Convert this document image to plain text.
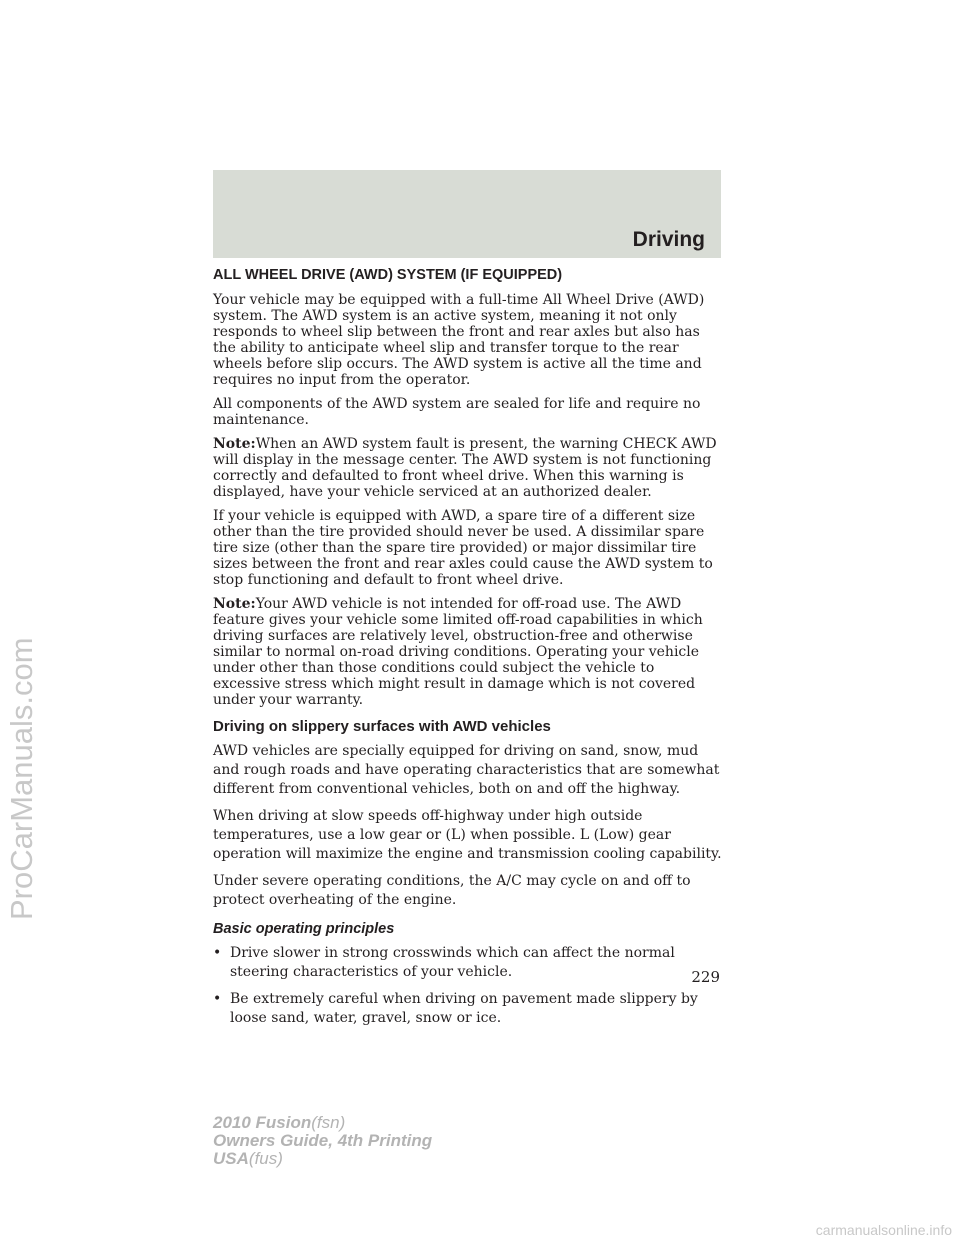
Driving
ALL WHEEL DRIVE (AWD) SYSTEM (IF EQUIPPED)

Your vehicle may be equipped with a full-time All Wheel Drive (AWD) system. The AWD system is an active system, meaning it not only responds to wheel slip between the front and rear axles but also has the ability to anticipate wheel slip and transfer torque to the rear wheels before slip occurs. The AWD system is active all the time and requires no input from the operator.

All components of the AWD system are sealed for life and require no maintenance.

Note:When an AWD system fault is present, the warning CHECK AWD will display in the message center. The AWD system is not functioning correctly and defaulted to front wheel drive. When this warning is displayed, have your vehicle serviced at an authorized dealer.

If your vehicle is equipped with AWD, a spare tire of a different size other than the tire provided should never be used. A dissimilar spare tire size (other than the spare tire provided) or major dissimilar tire sizes between the front and rear axles could cause the AWD system to stop functioning and default to front wheel drive.

Note:Your AWD vehicle is not intended for off-road use. The AWD feature gives your vehicle some limited off-road capabilities in which driving surfaces are relatively level, obstruction-free and otherwise similar to normal on-road driving conditions. Operating your vehicle under other than those conditions could subject the vehicle to excessive stress which might result in damage which is not covered under your warranty.

Driving on slippery surfaces with AWD vehicles

AWD vehicles are specially equipped for driving on sand, snow, mud and rough roads and have operating characteristics that are somewhat different from conventional vehicles, both on and off the highway.

When driving at slow speeds off-highway under high outside temperatures, use a low gear or (L) when possible. L (Low) gear operation will maximize the engine and transmission cooling capability.

Under severe operating conditions, the A/C may cycle on and off to protect overheating of the engine.

Basic operating principles
• Drive slower in strong crosswinds which can affect the normal steering characteristics of your vehicle.
• Be extremely careful when driving on pavement made slippery by loose sand, water, gravel, snow or ice.
229
2010 Fusion(fsn)
Owners Guide, 4th Printing
USA(fus)
ProCarManuals.com
carmanualsonline.info
